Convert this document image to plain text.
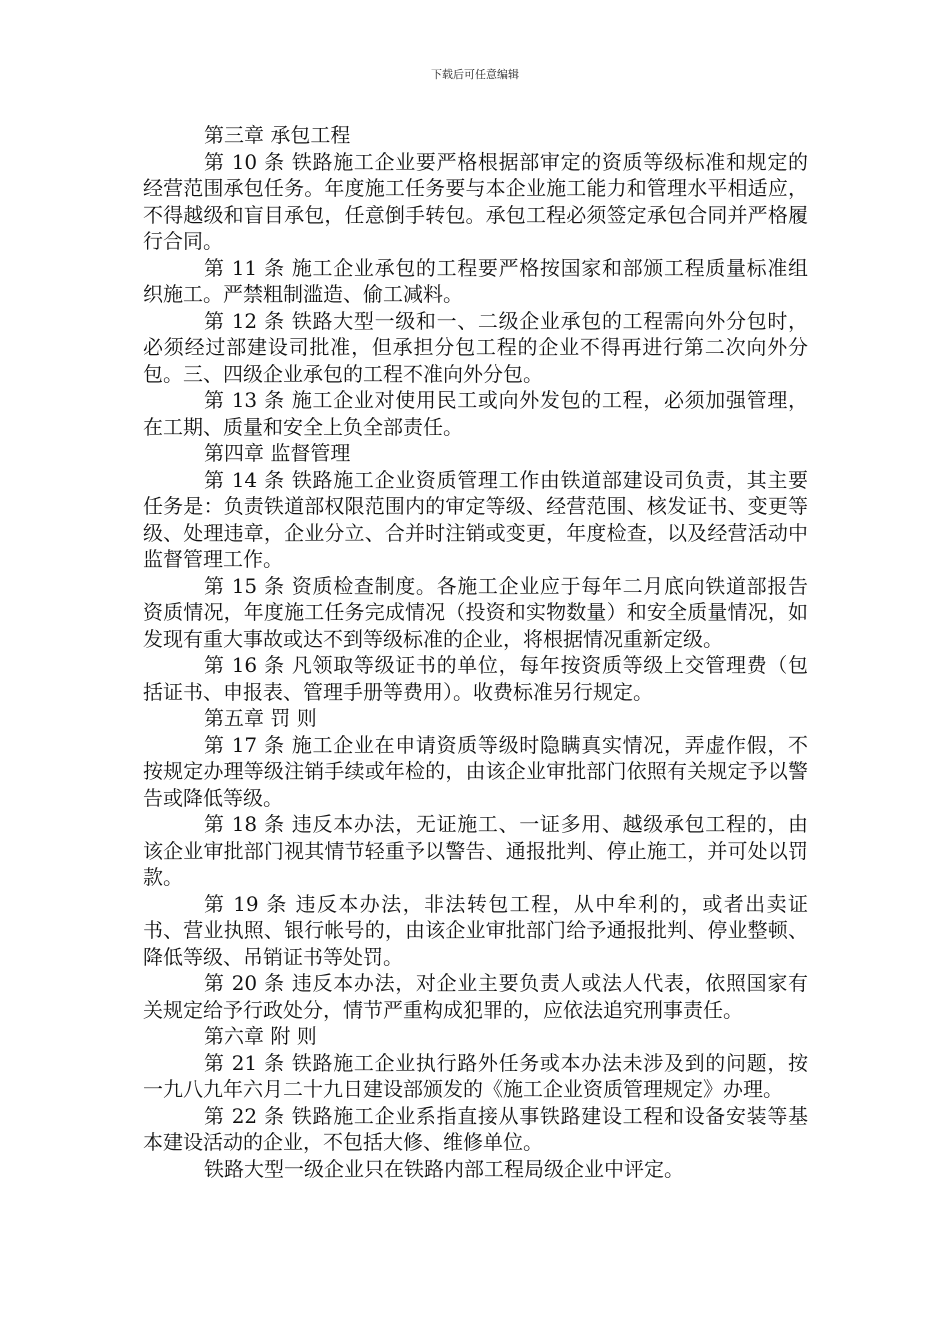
下载后可任意编辑

第三章 承包工程

第 10 条 铁路施工企业要严格根据部审定的资质等级标准和规定的经营范围承包任务。年度施工任务要与本企业施工能力和管理水平相适应，不得越级和盲目承包，任意倒手转包。承包工程必须签定承包合同并严格履行合同。

第 11 条 施工企业承包的工程要严格按国家和部颁工程质量标准组织施工。严禁粗制滥造、偷工减料。

第 12 条 铁路大型一级和一、二级企业承包的工程需向外分包时，必须经过部建设司批准，但承担分包工程的企业不得再进行第二次向外分包。三、四级企业承包的工程不准向外分包。

第 13 条 施工企业对使用民工或向外发包的工程，必须加强管理，在工期、质量和安全上负全部责任。

第四章 监督管理

第 14 条 铁路施工企业资质管理工作由铁道部建设司负责，其主要任务是：负责铁道部权限范围内的审定等级、经营范围、核发证书、变更等级、处理违章，企业分立、合并时注销或变更，年度检查，以及经营活动中监督管理工作。

第 15 条 资质检查制度。各施工企业应于每年二月底向铁道部报告资质情况，年度施工任务完成情况（投资和实物数量）和安全质量情况，如发现有重大事故或达不到等级标准的企业，将根据情况重新定级。

第 16 条 凡领取等级证书的单位，每年按资质等级上交管理费（包括证书、申报表、管理手册等费用）。收费标准另行规定。

第五章 罚 则

第 17 条 施工企业在申请资质等级时隐瞒真实情况，弄虚作假，不按规定办理等级注销手续或年检的，由该企业审批部门依照有关规定予以警告或降低等级。

第 18 条 违反本办法，无证施工、一证多用、越级承包工程的，由该企业审批部门视其情节轻重予以警告、通报批判、停止施工，并可处以罚款。

第 19 条 违反本办法，非法转包工程，从中牟利的，或者出卖证书、营业执照、银行帐号的，由该企业审批部门给予通报批判、停业整顿、降低等级、吊销证书等处罚。

第 20 条 违反本办法，对企业主要负责人或法人代表，依照国家有关规定给予行政处分，情节严重构成犯罪的，应依法追究刑事责任。

第六章 附 则

第 21 条 铁路施工企业执行路外任务或本办法未涉及到的问题，按一九八九年六月二十九日建设部颁发的《施工企业资质管理规定》办理。

第 22 条 铁路施工企业系指直接从事铁路建设工程和设备安装等基本建设活动的企业，不包括大修、维修单位。

铁路大型一级企业只在铁路内部工程局级企业中评定。
